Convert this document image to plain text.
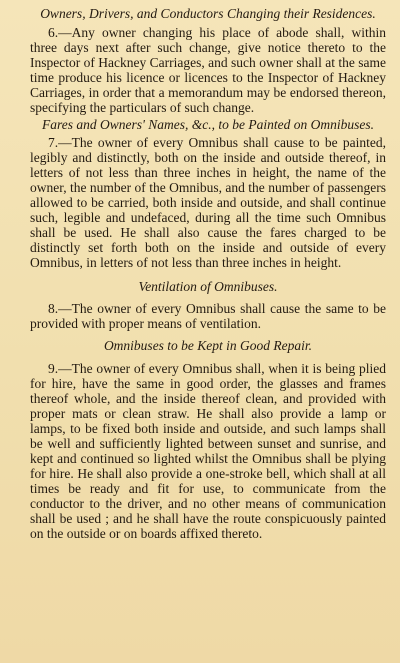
Owners, Drivers, and Conductors Changing their Residences.

6.—Any owner changing his place of abode shall, within three days next after such change, give notice thereto to the Inspector of Hackney Carriages, and such owner shall at the same time produce his licence or licences to the Inspector of Hackney Carriages, in order that a memorandum may be endorsed thereon, specifying the particulars of such change.

Fares and Owners' Names, &c., to be Painted on Omnibuses.

7.—The owner of every Omnibus shall cause to be painted, legibly and distinctly, both on the inside and outside thereof, in letters of not less than three inches in height, the name of the owner, the number of the Omnibus, and the number of passengers allowed to be carried, both inside and outside, and shall continue such, legible and undefaced, during all the time such Omnibus shall be used. He shall also cause the fares charged to be distinctly set forth both on the inside and outside of every Omnibus, in letters of not less than three inches in height.

Ventilation of Omnibuses.

8.—The owner of every Omnibus shall cause the same to be provided with proper means of ventilation.

Omnibuses to be Kept in Good Repair.

9.—The owner of every Omnibus shall, when it is being plied for hire, have the same in good order, the glasses and frames thereof whole, and the inside thereof clean, and provided with proper mats or clean straw. He shall also provide a lamp or lamps, to be fixed both inside and outside, and such lamps shall be well and sufficiently lighted between sunset and sunrise, and kept and continued so lighted whilst the Omnibus shall be plying for hire. He shall also provide a one-stroke bell, which shall at all times be ready and fit for use, to communicate from the conductor to the driver, and no other means of communication shall be used ; and he shall have the route conspicuously painted on the outside or on boards affixed thereto.
